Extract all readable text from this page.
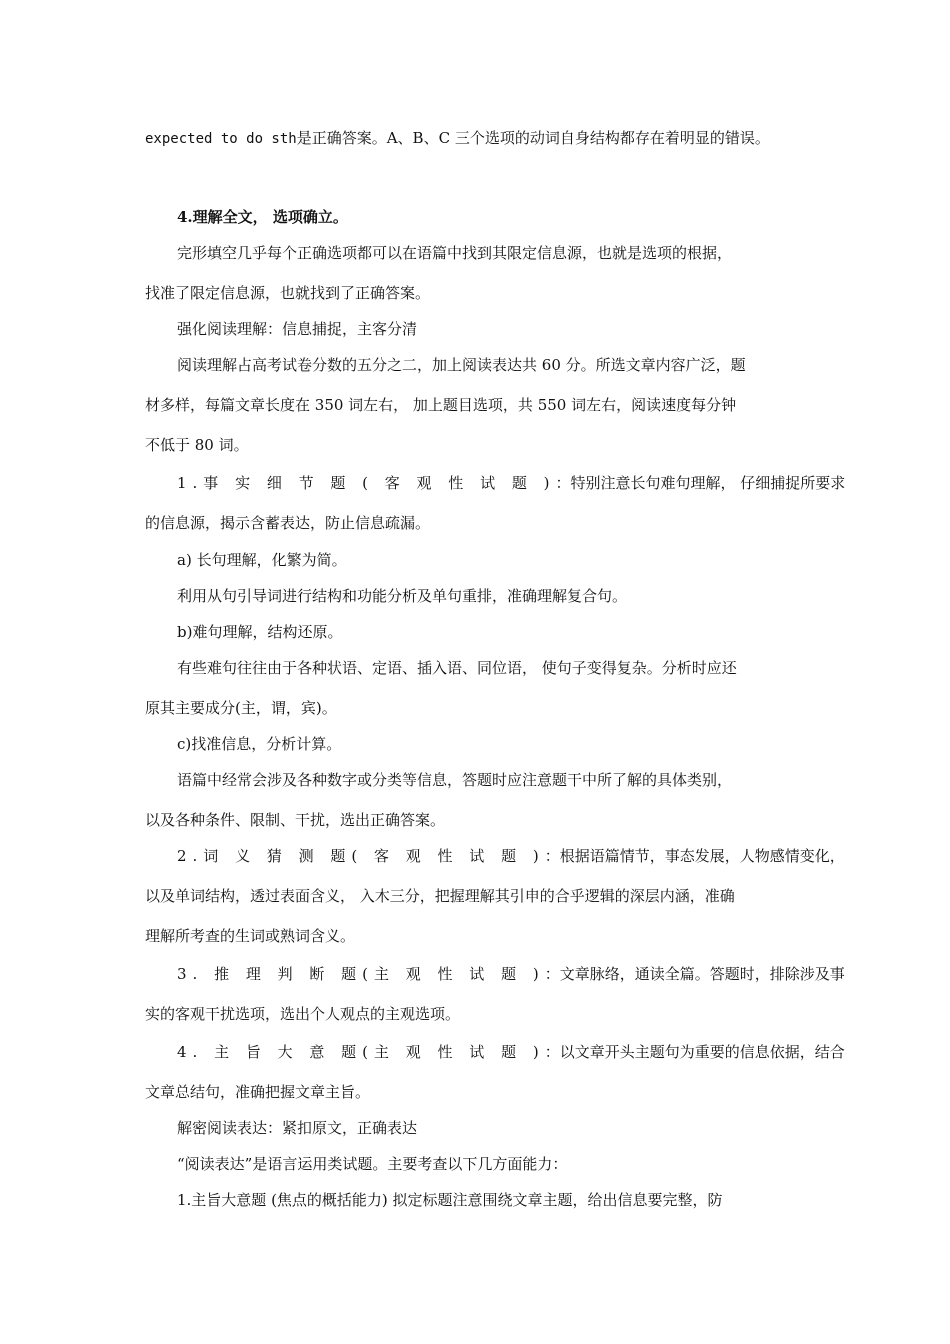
expected to do sth是正确答案。A、B、C 三个选项的动词自身结构都存在着明显的错误。
4.理解全文， 选项确立。
完形填空几乎每个正确选项都可以在语篇中找到其限定信息源，也就是选项的根据，
找准了限定信息源，也就找到了正确答案。
强化阅读理解：信息捕捉，主客分清
阅读理解占高考试卷分数的五分之二，加上阅读表达共 60 分。所选文章内容广泛，题
材多样，每篇文章长度在 350 词左右， 加上题目选项，共 550 词左右，阅读速度每分钟
不低于 80 词。
1.事 实 细 节 题 ( 客 观 性 试 题 )：特别注意长句难句理解， 仔细捕捉所要求
的信息源，揭示含蓄表达，防止信息疏漏。
a) 长句理解，化繁为简。
利用从句引导词进行结构和功能分析及单句重排，准确理解复合句。
b)难句理解，结构还原。
有些难句往往由于各种状语、定语、插入语、同位语， 使句子变得复杂。分析时应还
原其主要成分(主，谓，宾)。
c)找准信息，分析计算。
语篇中经常会涉及各种数字或分类等信息，答题时应注意题干中所了解的具体类别，
以及各种条件、限制、干扰，选出正确答案。
2.词 义 猜 测 题( 客 观 性 试 题 )：根据语篇情节，事态发展，人物感情变化，
以及单词结构，透过表面含义， 入木三分，把握理解其引申的合乎逻辑的深层内涵，准确
理解所考查的生词或熟词含义。
3. 推 理 判 断 题(主 观 性 试 题 )：文章脉络，通读全篇。答题时，排除涉及事
实的客观干扰选项，选出个人观点的主观选项。
4. 主 旨 大 意 题(主 观 性 试 题 )：以文章开头主题句为重要的信息依据，结合
文章总结句，准确把握文章主旨。
解密阅读表达：紧扣原文，正确表达
“阅读表达”是语言运用类试题。主要考查以下几方面能力：
1.主旨大意题 (焦点的概括能力) 拟定标题注意围绕文章主题，给出信息要完整，防
